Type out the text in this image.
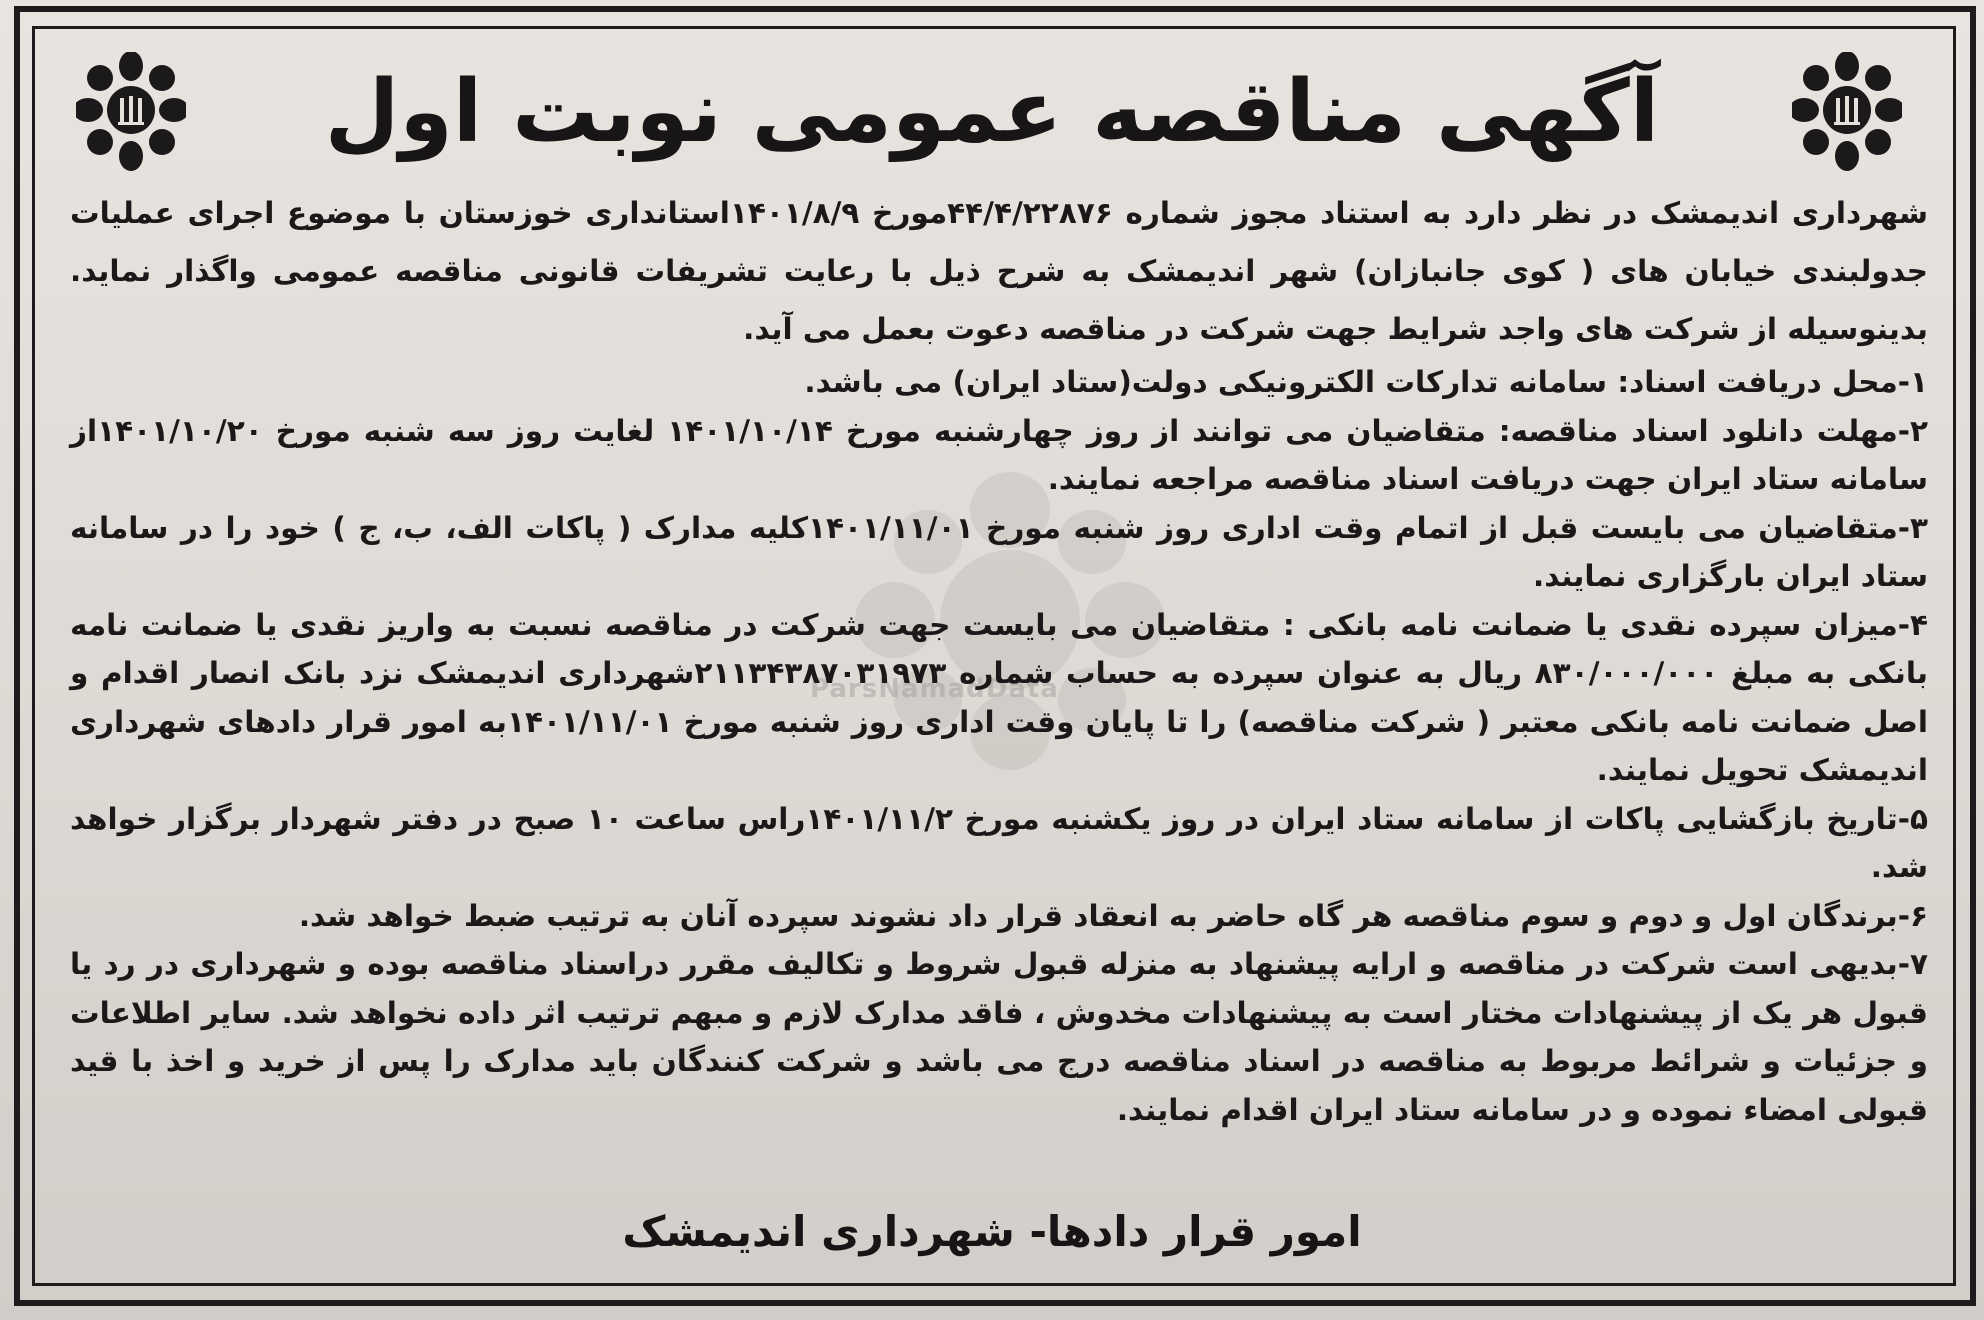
ParsNamadData
آگهی مناقصه عمومی نوبت اول

شهرداری اندیمشک در نظر دارد به استناد مجوز شماره ۴۴/۴/۲۲۸۷۶مورخ ۱۴۰۱/۸/۹استانداری خوزستان با موضوع اجرای عملیات جدولبندی خیابان های ( کوی جانبازان) شهر اندیمشک به شرح ذیل با رعایت تشریفات قانونی مناقصه عمومی واگذار نماید. بدینوسیله از شرکت های واجد شرایط جهت شرکت در مناقصه دعوت بعمل می آید.

۱-محل دریافت اسناد: سامانه تدارکات الکترونیکی دولت(ستاد ایران) می باشد.

۲-مهلت دانلود اسناد مناقصه: متقاضیان می توانند از روز چهارشنبه مورخ ۱۴۰۱/۱۰/۱۴ لغایت روز سه شنبه مورخ ۱۴۰۱/۱۰/۲۰از سامانه ستاد ایران جهت دریافت اسناد مناقصه مراجعه نمایند.

۳-متقاضیان می بایست قبل از اتمام وقت اداری روز شنبه مورخ ۱۴۰۱/۱۱/۰۱کلیه مدارک ( پاکات الف، ب، ج ) خود را در سامانه ستاد ایران بارگزاری نمایند.

۴-میزان سپرده نقدی یا ضمانت نامه بانکی : متقاضیان می بایست جهت شرکت در مناقصه نسبت به واریز نقدی یا ضمانت نامه بانکی به مبلغ ۸۳۰/۰۰۰/۰۰۰ ریال به عنوان سپرده به حساب شماره ۲۱۱۳۴۳۸۷۰۳۱۹۷۳شهرداری اندیمشک نزد بانک انصار اقدام و اصل ضمانت نامه بانکی معتبر ( شرکت مناقصه) را تا پایان وقت اداری روز شنبه مورخ ۱۴۰۱/۱۱/۰۱به امور قرار دادهای شهرداری اندیمشک تحویل نمایند.

۵-تاریخ بازگشایی پاکات از سامانه ستاد ایران در روز یکشنبه مورخ ۱۴۰۱/۱۱/۲راس ساعت ۱۰ صبح در دفتر شهردار برگزار خواهد شد.

۶-برندگان اول و دوم و سوم مناقصه هر گاه حاضر به انعقاد قرار داد نشوند سپرده آنان به ترتیب ضبط خواهد شد.

۷-بدیهی است شرکت در مناقصه و ارایه پیشنهاد به منزله قبول شروط و تکالیف مقرر دراسناد مناقصه بوده و شهرداری در رد یا قبول هر یک از پیشنهادات مختار است به پیشنهادات مخدوش ، فاقد مدارک لازم و مبهم ترتیب اثر داده نخواهد شد. سایر اطلاعات و جزئیات و شرائط مربوط به مناقصه در اسناد مناقصه درج می باشد و شرکت کنندگان باید مدارک را پس از خرید و اخذ با قید قبولی امضاء نموده و در سامانه ستاد ایران اقدام نمایند.

امور قرار دادها- شهرداری اندیمشک
